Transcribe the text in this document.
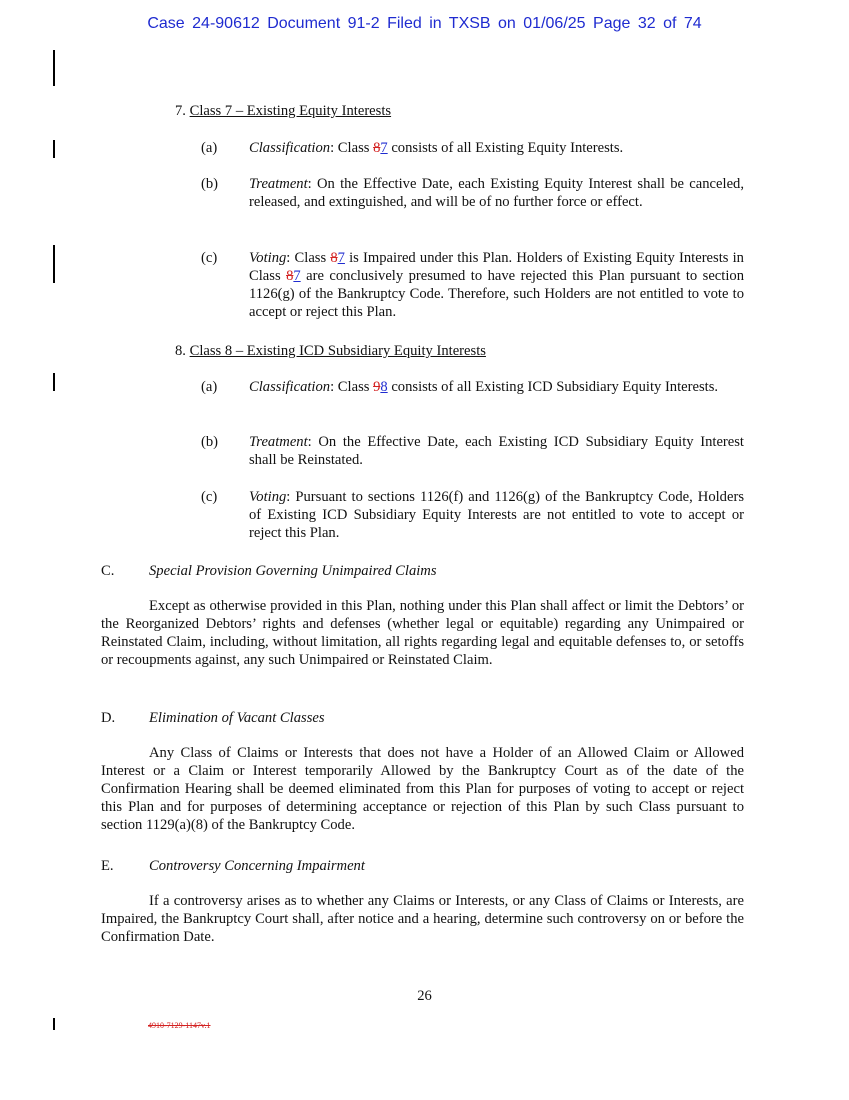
Case 24-90612 Document 91-2 Filed in TXSB on 01/06/25 Page 32 of 74
7. Class 7 – Existing Equity Interests
(a) Classification: Class 87 consists of all Existing Equity Interests.
(b) Treatment: On the Effective Date, each Existing Equity Interest shall be canceled, released, and extinguished, and will be of no further force or effect.
(c) Voting: Class 87 is Impaired under this Plan. Holders of Existing Equity Interests in Class 87 are conclusively presumed to have rejected this Plan pursuant to section 1126(g) of the Bankruptcy Code. Therefore, such Holders are not entitled to vote to accept or reject this Plan.
8. Class 8 – Existing ICD Subsidiary Equity Interests
(a) Classification: Class 98 consists of all Existing ICD Subsidiary Equity Interests.
(b) Treatment: On the Effective Date, each Existing ICD Subsidiary Equity Interest shall be Reinstated.
(c) Voting: Pursuant to sections 1126(f) and 1126(g) of the Bankruptcy Code, Holders of Existing ICD Subsidiary Equity Interests are not entitled to vote to accept or reject this Plan.
C. Special Provision Governing Unimpaired Claims
Except as otherwise provided in this Plan, nothing under this Plan shall affect or limit the Debtors’ or the Reorganized Debtors’ rights and defenses (whether legal or equitable) regarding any Unimpaired or Reinstated Claim, including, without limitation, all rights regarding legal and equitable defenses to, or setoffs or recoupments against, any such Unimpaired or Reinstated Claim.
D. Elimination of Vacant Classes
Any Class of Claims or Interests that does not have a Holder of an Allowed Claim or Allowed Interest or a Claim or Interest temporarily Allowed by the Bankruptcy Court as of the date of the Confirmation Hearing shall be deemed eliminated from this Plan for purposes of voting to accept or reject this Plan and for purposes of determining acceptance or rejection of this Plan by such Class pursuant to section 1129(a)(8) of the Bankruptcy Code.
E. Controversy Concerning Impairment
If a controversy arises as to whether any Claims or Interests, or any Class of Claims or Interests, are Impaired, the Bankruptcy Court shall, after notice and a hearing, determine such controversy on or before the Confirmation Date.
26
4910-7129-1147v.1
